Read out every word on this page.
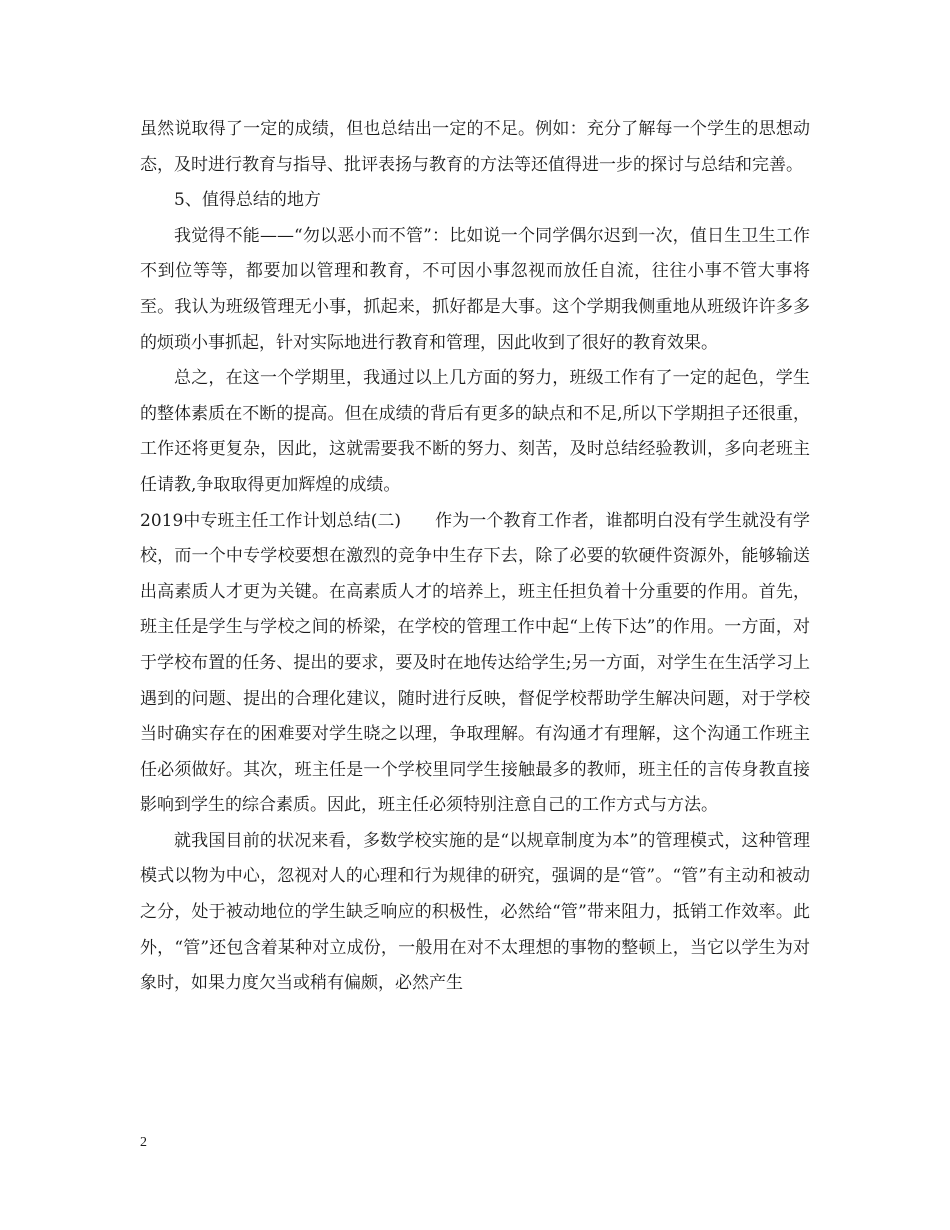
虽然说取得了一定的成绩，但也总结出一定的不足。例如：充分了解每一个学生的思想动态，及时进行教育与指导、批评表扬与教育的方法等还值得进一步的探讨与总结和完善。

5、值得总结的地方

我觉得不能——“勿以恶小而不管”：比如说一个同学偶尔迟到一次，值日生卫生工作不到位等等，都要加以管理和教育，不可因小事忽视而放任自流，往往小事不管大事将至。我认为班级管理无小事，抓起来，抓好都是大事。这个学期我侧重地从班级许许多多的烦琐小事抓起，针对实际地进行教育和管理，因此收到了很好的教育效果。

总之，在这一个学期里，我通过以上几方面的努力，班级工作有了一定的起色，学生的整体素质在不断的提高。但在成绩的背后有更多的缺点和不足,所以下学期担子还很重，工作还将更复杂，因此，这就需要我不断的努力、刻苦，及时总结经验教训，多向老班主任请教,争取取得更加辉煌的成绩。

2019中专班主任工作计划总结(二)　　作为一个教育工作者，谁都明白没有学生就没有学校，而一个中专学校要想在激烈的竞争中生存下去，除了必要的软硬件资源外，能够输送出高素质人才更为关键。在高素质人才的培养上，班主任担负着十分重要的作用。首先，班主任是学生与学校之间的桥梁，在学校的管理工作中起“上传下达”的作用。一方面，对于学校布置的任务、提出的要求，要及时在地传达给学生;另一方面，对学生在生活学习上遇到的问题、提出的合理化建议，随时进行反映，督促学校帮助学生解决问题，对于学校当时确实存在的困难要对学生晓之以理，争取理解。有沟通才有理解，这个沟通工作班主任必须做好。其次，班主任是一个学校里同学生接触最多的教师，班主任的言传身教直接影响到学生的综合素质。因此，班主任必须特别注意自己的工作方式与方法。

就我国目前的状况来看，多数学校实施的是“以规章制度为本”的管理模式，这种管理模式以物为中心，忽视对人的心理和行为规律的研究，强调的是“管”。“管”有主动和被动之分，处于被动地位的学生缺乏响应的积极性，必然给“管”带来阻力，抵销工作效率。此外，“管”还包含着某种对立成份，一般用在对不太理想的事物的整顿上，当它以学生为对象时，如果力度欠当或稍有偏颇，必然产生

2
